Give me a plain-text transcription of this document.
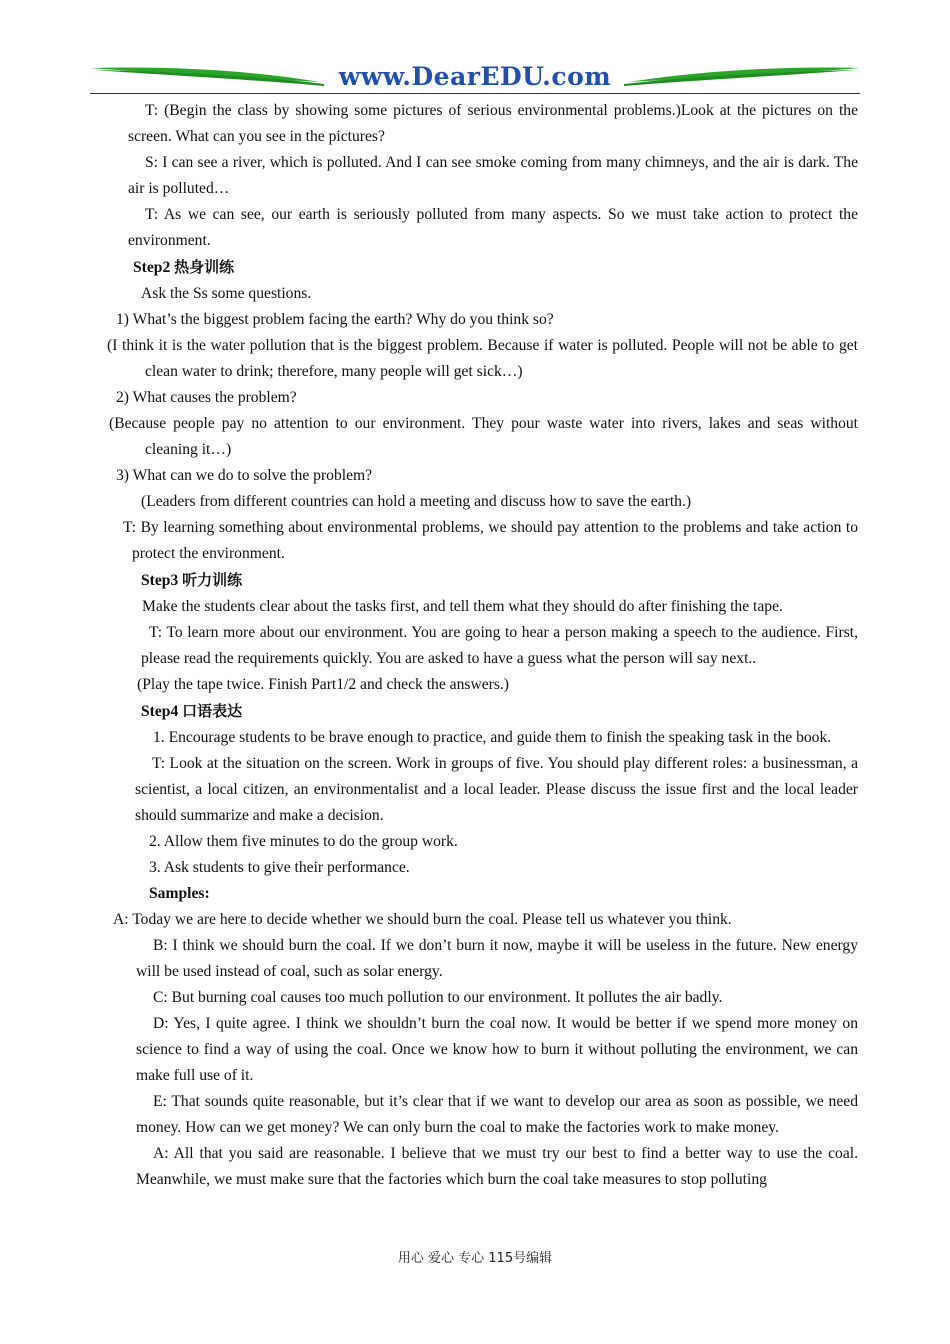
www.DearEDU.com

T: (Begin the class by showing some pictures of serious environmental problems.)Look at the pictures on the screen. What can you see in the pictures?

S: I can see a river, which is polluted. And I can see smoke coming from many chimneys, and the air is dark. The air is polluted…

T: As we can see, our earth is seriously polluted from many aspects. So we must take action to protect the environment.

Step2 热身训练

Ask the Ss some questions.

1) What’s the biggest problem facing the earth? Why do you think so?

(I think it is the water pollution that is the biggest problem. Because if water is polluted. People will not be able to get clean water to drink; therefore, many people will get sick…)

2) What causes the problem?

(Because people pay no attention to our environment. They pour waste water into rivers, lakes and seas without cleaning it…)

3) What can we do to solve the problem?

(Leaders from different countries can hold a meeting and discuss how to save the earth.)

T: By learning something about environmental problems, we should pay attention to the problems and take action to protect the environment.

Step3 听力训练

Make the students clear about the tasks first, and tell them what they should do after finishing the tape.

T: To learn more about our environment. You are going to hear a person making a speech to the audience. First, please read the requirements quickly. You are asked to have a guess what the person will say next..

(Play the tape twice. Finish Part1/2 and check the answers.)

Step4 口语表达

1. Encourage students to be brave enough to practice, and guide them to finish the speaking task in the book.

T: Look at the situation on the screen. Work in groups of five. You should play different roles: a businessman, a scientist, a local citizen, an environmentalist and a local leader. Please discuss the issue first and the local leader should summarize and make a decision.

2. Allow them five minutes to do the group work.

3. Ask students to give their performance.

Samples:

A: Today we are here to decide whether we should burn the coal. Please tell us whatever you think.

B: I think we should burn the coal. If we don’t burn it now, maybe it will be useless in the future. New energy will be used instead of coal, such as solar energy.

C: But burning coal causes too much pollution to our environment. It pollutes the air badly.

D: Yes, I quite agree. I think we shouldn’t burn the coal now. It would be better if we spend more money on science to find a way of using the coal. Once we know how to burn it without polluting the environment, we can make full use of it.

E: That sounds quite reasonable, but it’s clear that if we want to develop our area as soon as possible, we need money. How can we get money? We can only burn the coal to make the factories work to make money.

A: All that you said are reasonable. I believe that we must try our best to find a better way to use the coal. Meanwhile, we must make sure that the factories which burn the coal take measures to stop polluting

用心 爱心 专心 115号编辑
